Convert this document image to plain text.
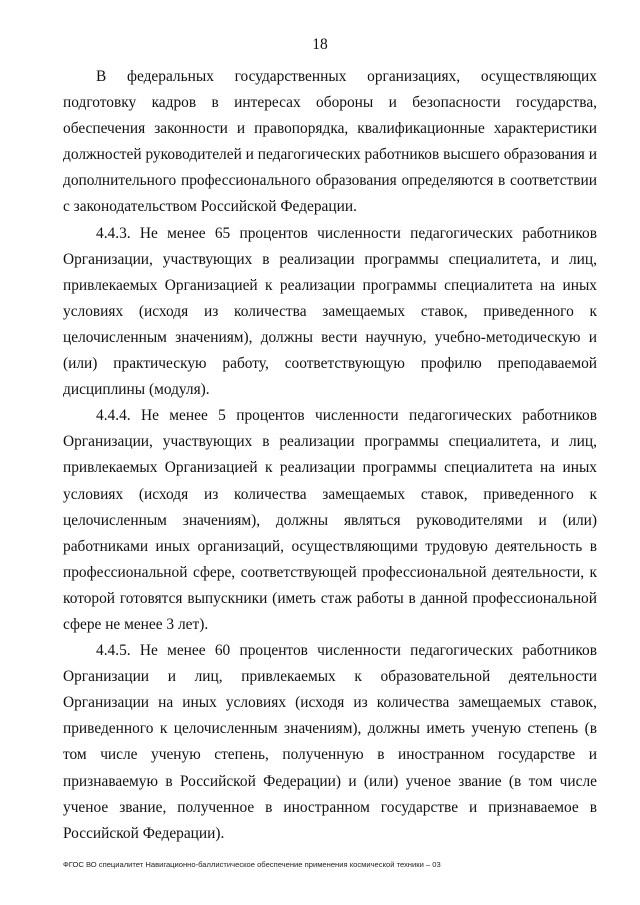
18

В федеральных государственных организациях, осуществляющих подготовку кадров в интересах обороны и безопасности государства, обеспечения законности и правопорядка, квалификационные характеристики должностей руководителей и педагогических работников высшего образования и дополнительного профессионального образования определяются в соответствии с законодательством Российской Федерации.

4.4.3. Не менее 65 процентов численности педагогических работников Организации, участвующих в реализации программы специалитета, и лиц, привлекаемых Организацией к реализации программы специалитета на иных условиях (исходя из количества замещаемых ставок, приведенного к целочисленным значениям), должны вести научную, учебно-методическую и (или) практическую работу, соответствующую профилю преподаваемой дисциплины (модуля).

4.4.4. Не менее 5 процентов численности педагогических работников Организации, участвующих в реализации программы специалитета, и лиц, привлекаемых Организацией к реализации программы специалитета на иных условиях (исходя из количества замещаемых ставок, приведенного к целочисленным значениям), должны являться руководителями и (или) работниками иных организаций, осуществляющими трудовую деятельность в профессиональной сфере, соответствующей профессиональной деятельности, к которой готовятся выпускники (иметь стаж работы в данной профессиональной сфере не менее 3 лет).

4.4.5. Не менее 60 процентов численности педагогических работников Организации и лиц, привлекаемых к образовательной деятельности Организации на иных условиях (исходя из количества замещаемых ставок, приведенного к целочисленным значениям), должны иметь ученую степень (в том числе ученую степень, полученную в иностранном государстве и признаваемую в Российской Федерации) и (или) ученое звание (в том числе ученое звание, полученное в иностранном государстве и признаваемое в Российской Федерации).

ФГОС ВО специалитет Навигационно-баллистическое обеспечение применения космической техники – 03
